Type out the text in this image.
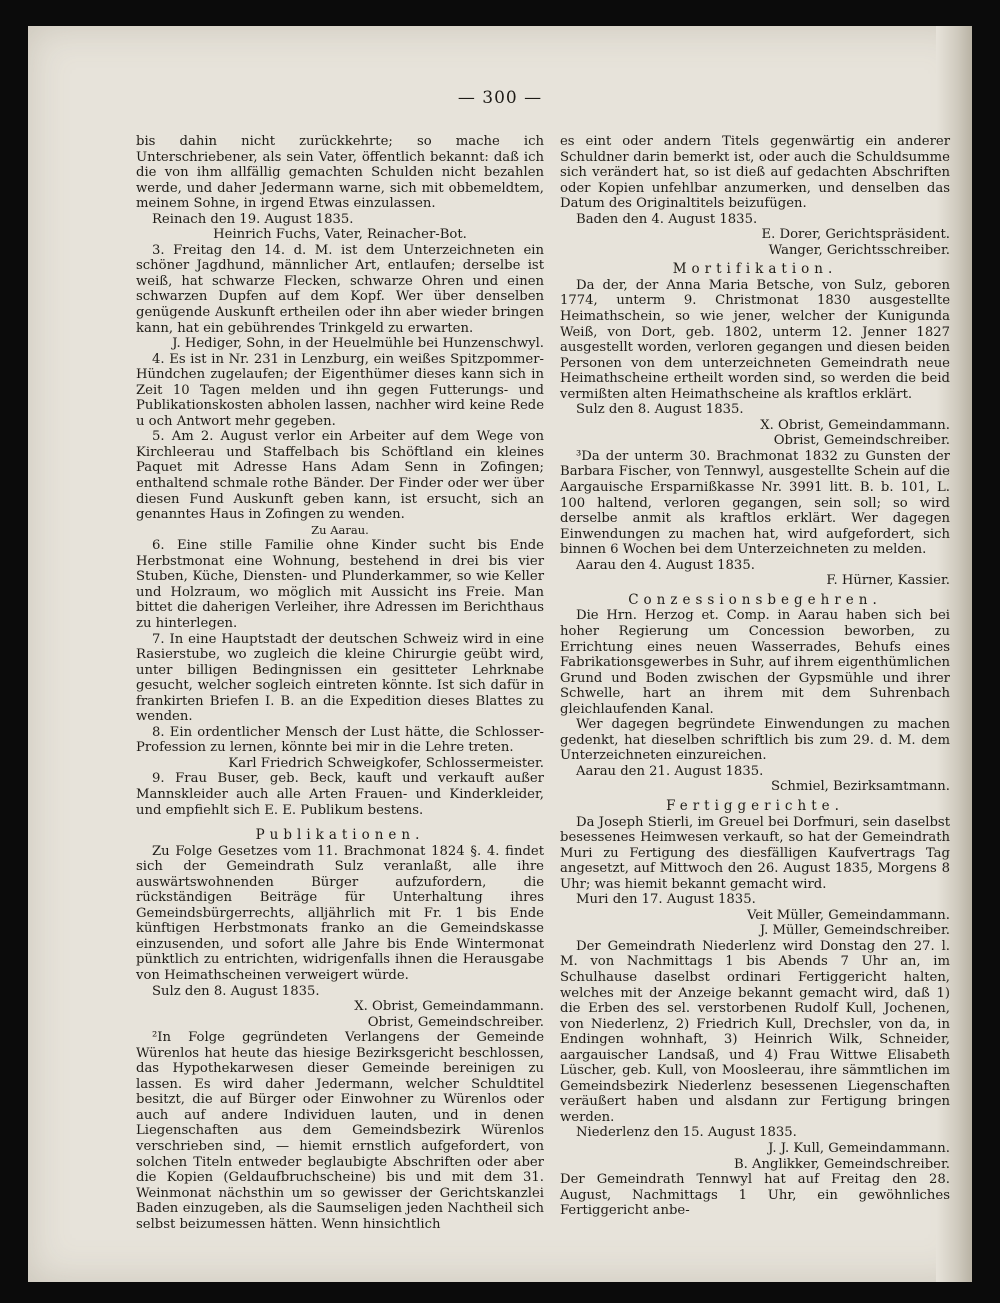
— 300 —

bis dahin nicht zurückkehrte; so mache ich Unterschriebener, als sein Vater, öffentlich bekannt: daß ich die von ihm allfällig gemachten Schulden nicht bezahlen werde, und daher Jedermann warne, sich mit obbemeldtem, meinem Sohne, in irgend Etwas einzulassen.

Reinach den 19. August 1835.

Heinrich Fuchs, Vater, Reinacher-Bot.

3. Freitag den 14. d. M. ist dem Unterzeichneten ein schöner Jagdhund, männlicher Art, entlaufen; derselbe ist weiß, hat schwarze Flecken, schwarze Ohren und einen schwarzen Dupfen auf dem Kopf. Wer über denselben genügende Auskunft ertheilen oder ihn aber wieder bringen kann, hat ein gebührendes Trinkgeld zu erwarten.

J. Hediger, Sohn, in der Heuelmühle bei Hunzenschwyl.

4. Es ist in Nr. 231 in Lenzburg, ein weißes Spitzpommer-Hündchen zugelaufen; der Eigenthümer dieses kann sich in Zeit 10 Tagen melden und ihn gegen Futterungs- und Publikationskosten abholen lassen, nachher wird keine Rede u och Antwort mehr gegeben.

5. Am 2. August verlor ein Arbeiter auf dem Wege von Kirchleerau und Staffelbach bis Schöftland ein kleines Paquet mit Adresse Hans Adam Senn in Zofingen; enthaltend schmale rothe Bänder. Der Finder oder wer über diesen Fund Auskunft geben kann, ist ersucht, sich an genanntes Haus in Zofingen zu wenden.

Zu Aarau.

6. Eine stille Familie ohne Kinder sucht bis Ende Herbstmonat eine Wohnung, bestehend in drei bis vier Stuben, Küche, Diensten- und Plunderkammer, so wie Keller und Holzraum, wo möglich mit Aussicht ins Freie. Man bittet die daherigen Verleiher, ihre Adressen im Berichthaus zu hinterlegen.

7. In eine Hauptstadt der deutschen Schweiz wird in eine Rasierstube, wo zugleich die kleine Chirurgie geübt wird, unter billigen Bedingnissen ein gesitteter Lehrknabe gesucht, welcher sogleich eintreten könnte. Ist sich dafür in frankirten Briefen I. B. an die Expedition dieses Blattes zu wenden.

8. Ein ordentlicher Mensch der Lust hätte, die Schlosser-Profession zu lernen, könnte bei mir in die Lehre treten.

Karl Friedrich Schweigkofer, Schlossermeister.

9. Frau Buser, geb. Beck, kauft und verkauft außer Mannskleider auch alle Arten Frauen- und Kinderkleider, und empfiehlt sich E. E. Publikum bestens.

Publikationen.

Zu Folge Gesetzes vom 11. Brachmonat 1824 §. 4. findet sich der Gemeindrath Sulz veranlaßt, alle ihre auswärtswohnenden Bürger aufzufordern, die rückständigen Beiträge für Unterhaltung ihres Gemeindsbürgerrechts, alljährlich mit Fr. 1 bis Ende künftigen Herbstmonats franko an die Gemeindskasse einzusenden, und sofort alle Jahre bis Ende Wintermonat pünktlich zu entrichten, widrigenfalls ihnen die Herausgabe von Heimathscheinen verweigert würde.

Sulz den 8. August 1835.

X. Obrist, Gemeindammann.

Obrist, Gemeindschreiber.

²In Folge gegründeten Verlangens der Gemeinde Würenlos hat heute das hiesige Bezirksgericht beschlossen, das Hypothekarwesen dieser Gemeinde bereinigen zu lassen. Es wird daher Jedermann, welcher Schuldtitel besitzt, die auf Bürger oder Einwohner zu Würenlos oder auch auf andere Individuen lauten, und in denen Liegenschaften aus dem Gemeindsbezirk Würenlos verschrieben sind, — hiemit ernstlich aufgefordert, von solchen Titeln entweder beglaubigte Abschriften oder aber die Kopien (Geldaufbruchscheine) bis und mit dem 31. Weinmonat nächsthin um so gewisser der Gerichtskanzlei Baden einzugeben, als die Saumseligen jeden Nachtheil sich selbst beizumessen hätten. Wenn hinsichtlich

es eint oder andern Titels gegenwärtig ein anderer Schuldner darin bemerkt ist, oder auch die Schuldsumme sich verändert hat, so ist dieß auf gedachten Abschriften oder Kopien unfehlbar anzumerken, und denselben das Datum des Originaltitels beizufügen.

Baden den 4. August 1835.

E. Dorer, Gerichtspräsident.

Wanger, Gerichtsschreiber.

Mortifikation.

Da der, der Anna Maria Betsche, von Sulz, geboren 1774, unterm 9. Christmonat 1830 ausgestellte Heimathschein, so wie jener, welcher der Kunigunda Weiß, von Dort, geb. 1802, unterm 12. Jenner 1827 ausgestellt worden, verloren gegangen und diesen beiden Personen von dem unterzeichneten Gemeindrath neue Heimathscheine ertheilt worden sind, so werden die beid vermißten alten Heimathscheine als kraftlos erklärt.

Sulz den 8. August 1835.

X. Obrist, Gemeindammann.

Obrist, Gemeindschreiber.

³Da der unterm 30. Brachmonat 1832 zu Gunsten der Barbara Fischer, von Tennwyl, ausgestellte Schein auf die Aargauische Ersparnißkasse Nr. 3991 litt. B. b. 101, L. 100 haltend, verloren gegangen, sein soll; so wird derselbe anmit als kraftlos erklärt. Wer dagegen Einwendungen zu machen hat, wird aufgefordert, sich binnen 6 Wochen bei dem Unterzeichneten zu melden.

Aarau den 4. August 1835.

F. Hürner, Kassier.

Conzessionsbegehren.

Die Hrn. Herzog et. Comp. in Aarau haben sich bei hoher Regierung um Concession beworben, zu Errichtung eines neuen Wasserrades, Behufs eines Fabrikationsgewerbes in Suhr, auf ihrem eigenthümlichen Grund und Boden zwischen der Gypsmühle und ihrer Schwelle, hart an ihrem mit dem Suhrenbach gleichlaufenden Kanal.

Wer dagegen begründete Einwendungen zu machen gedenkt, hat dieselben schriftlich bis zum 29. d. M. dem Unterzeichneten einzureichen.

Aarau den 21. August 1835.

Schmiel, Bezirksamtmann.

Fertiggerichte.

Da Joseph Stierli, im Greuel bei Dorfmuri, sein daselbst besessenes Heimwesen verkauft, so hat der Gemeindrath Muri zu Fertigung des diesfälligen Kaufvertrags Tag angesetzt, auf Mittwoch den 26. August 1835, Morgens 8 Uhr; was hiemit bekannt gemacht wird.

Muri den 17. August 1835.

Veit Müller, Gemeindammann.

J. Müller, Gemeindschreiber.

Der Gemeindrath Niederlenz wird Donstag den 27. l. M. von Nachmittags 1 bis Abends 7 Uhr an, im Schulhause daselbst ordinari Fertiggericht halten, welches mit der Anzeige bekannt gemacht wird, daß 1) die Erben des sel. verstorbenen Rudolf Kull, Jochenen, von Niederlenz, 2) Friedrich Kull, Drechsler, von da, in Endingen wohnhaft, 3) Heinrich Wilk, Schneider, aargauischer Landsaß, und 4) Frau Wittwe Elisabeth Lüscher, geb. Kull, von Moosleerau, ihre sämmtlichen im Gemeindsbezirk Niederlenz besessenen Liegenschaften veräußert haben und alsdann zur Fertigung bringen werden.

Niederlenz den 15. August 1835.

J. J. Kull, Gemeindammann.

B. Anglikker, Gemeindschreiber.

Der Gemeindrath Tennwyl hat auf Freitag den 28. August, Nachmittags 1 Uhr, ein gewöhnliches Fertiggericht anbe-
